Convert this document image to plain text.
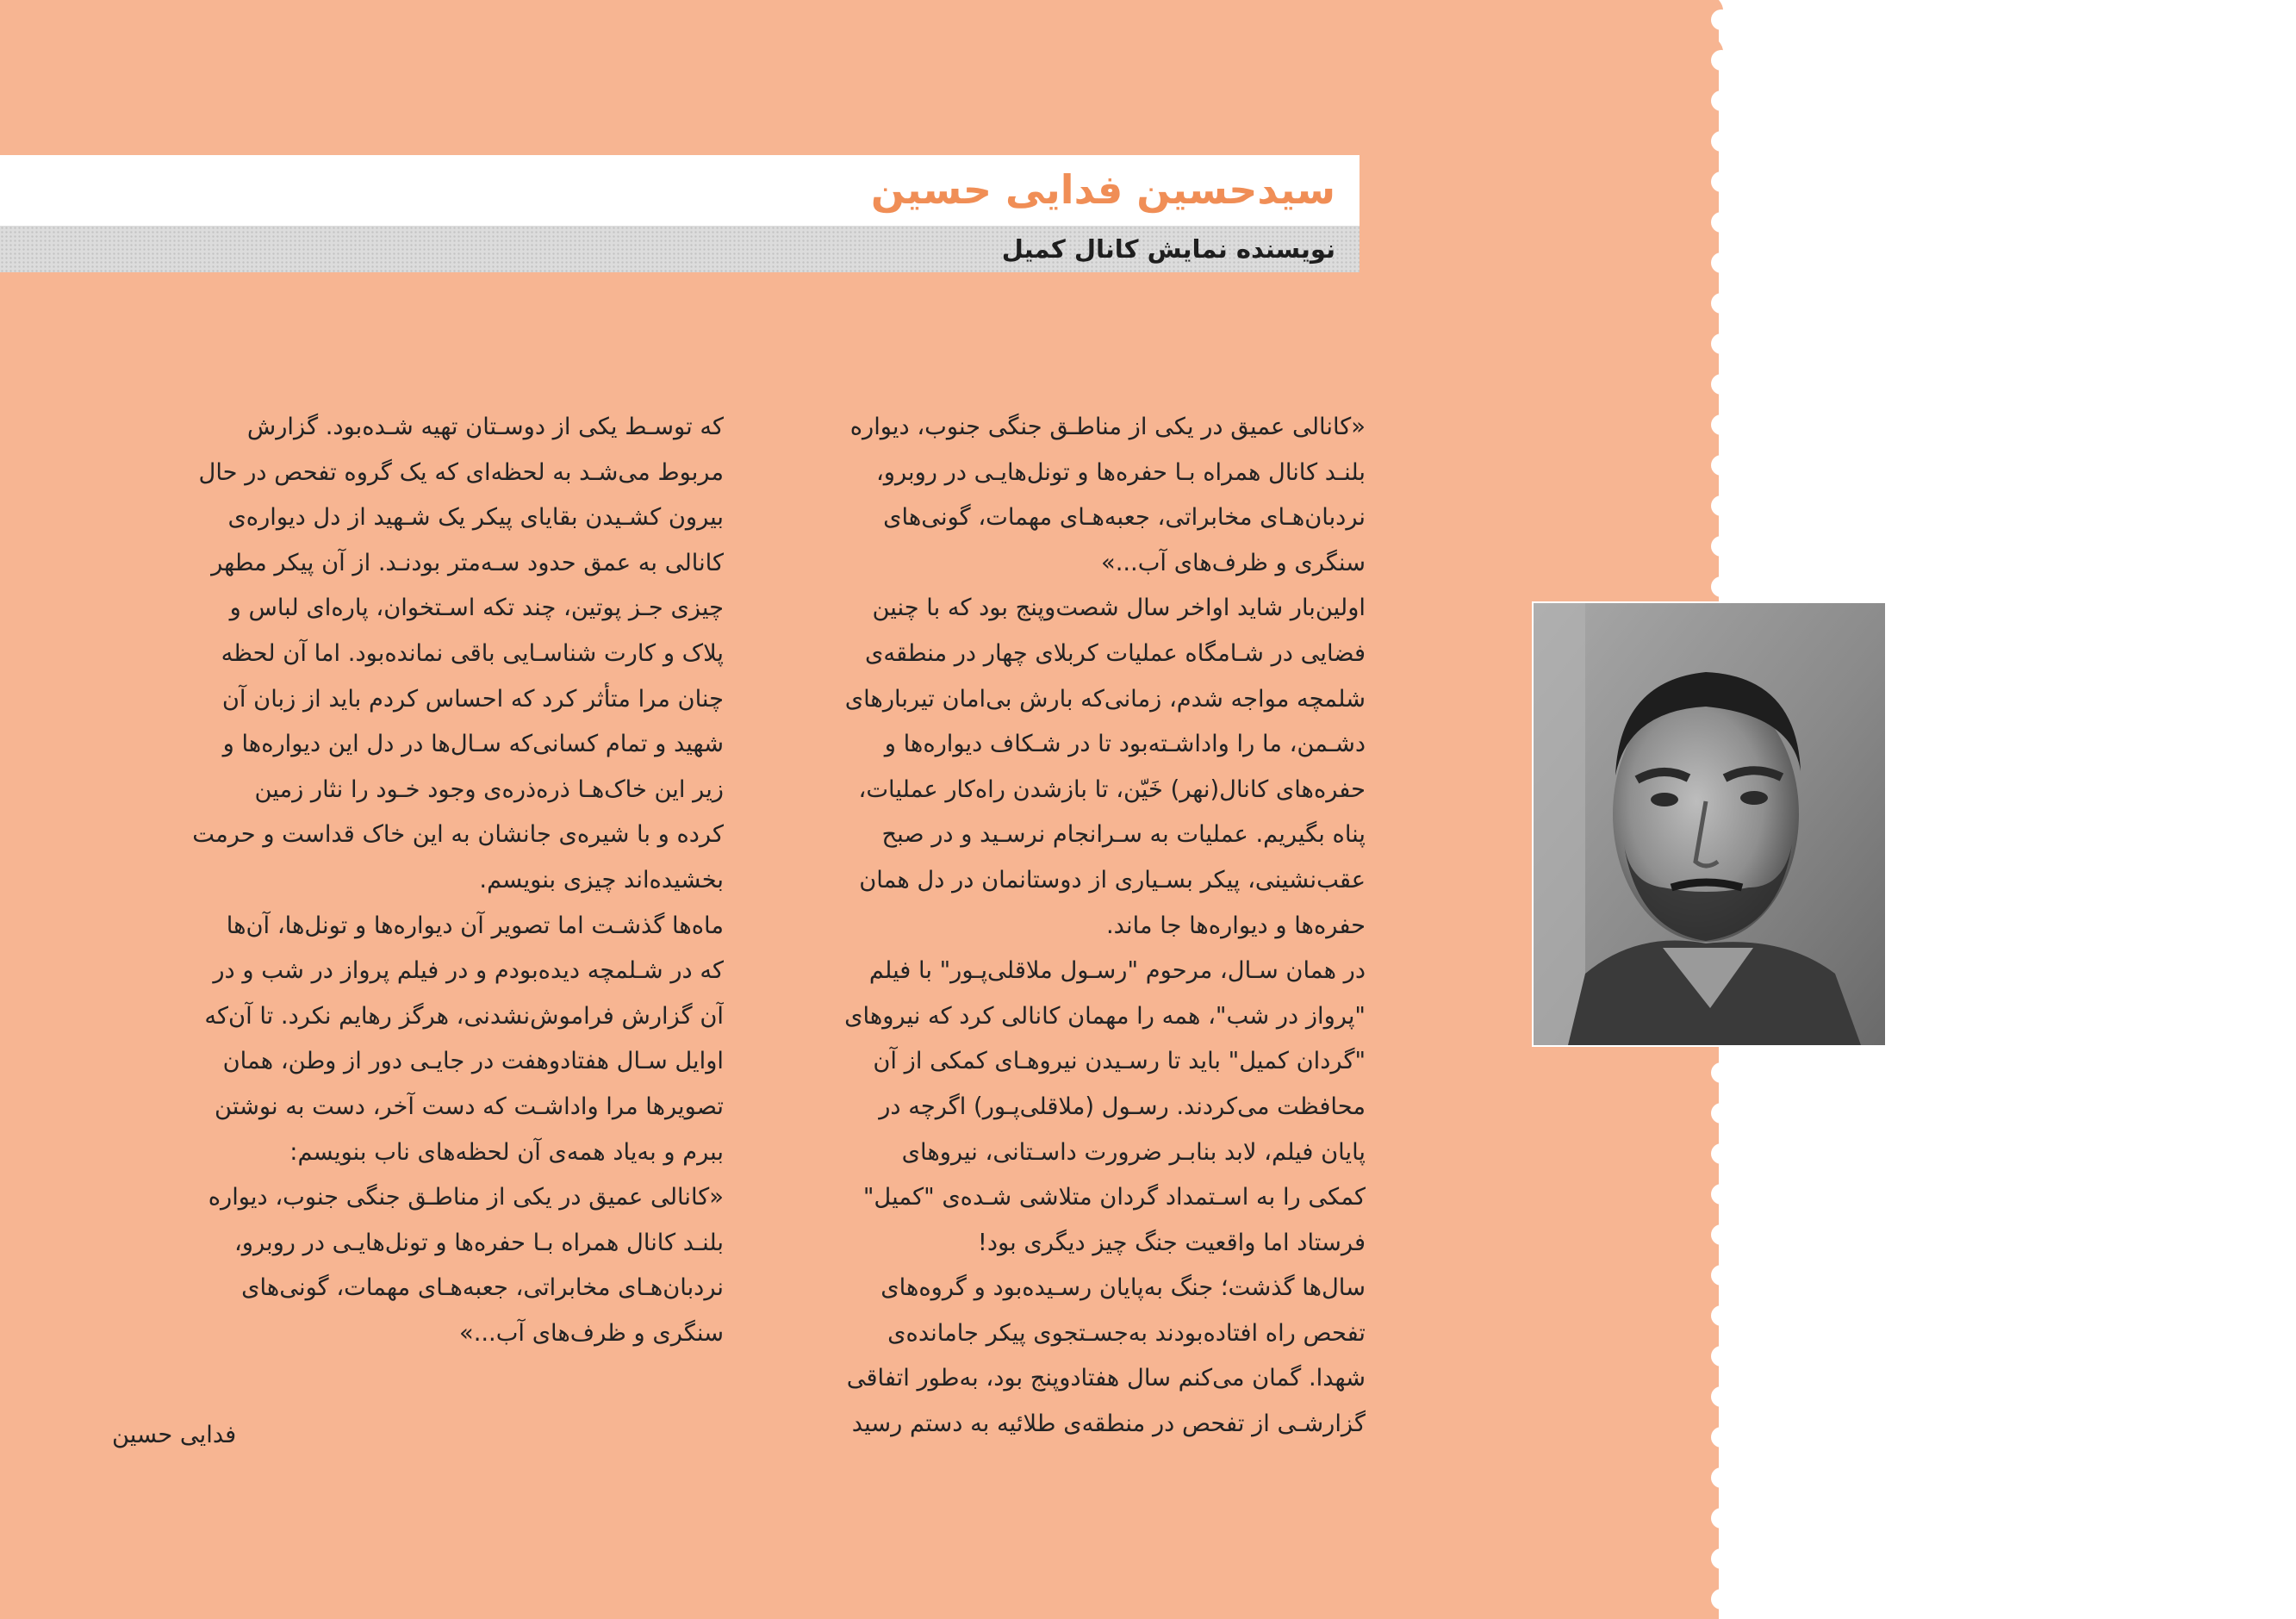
سیدحسین فدایی حسین
نویسنده نمایش کانال کمیل
«کانالی عمیق در یکی از مناطـق جنگی جنوب، دیواره
بلنـد کانال همراه بـا حفره‌ها و تونل‌هایـی در روبرو،
نردبان‌هـای مخابراتی، جعبه‌هـای مهمات، گونی‌های
سنگری و ظرف‌های آب...»
اولین‌بار شاید اواخر سال شصت‌وپنج بود که با چنین
فضایی در شـامگاه عملیات کربلای چهار در منطقه‌ی
شلمچه مواجه شدم، زمانی‌که بارش بی‌امان تیربارهای
دشـمن، ما را واداشـته‌بود تا در شـکاف دیواره‌ها و
حفره‌های کانال(نهر) خَیّن، تا بازشدن راه‌کار عملیات،
پناه بگیریم. عملیات به سـرانجام نرسـید و در صبح
عقب‌نشینی، پیکر بسـیاری از دوستانمان در دل همان
حفره‌ها و دیواره‌ها جا ماند.
در همان سـال، مرحوم "رسـول ملاقلی‌پـور" با فیلم
"پرواز در شب"، همه را مهمان کانالی کرد که نیروهای
"گردان کمیل" باید تا رسـیدن نیروهـای کمکی از آن
محافظت می‌کردند. رسـول (ملاقلی‌پـور) اگرچه در
پایان فیلم، لابد بنابـر ضرورت داسـتانی، نیروهای
کمکی را به اسـتمداد گردان متلاشی شـده‌ی "کمیل"
فرستاد اما واقعیت جنگ چیز دیگری بود!
سال‌ها گذشت؛ جنگ به‌پایان رسـیده‌بود و گروه‌های
تفحص راه افتاده‌بودند به‌جسـتجوی پیکر جامانده‌ی
شهدا. گمان می‌کنم سال هفتادوپنج بود، به‌طور اتفاقی
گزارشـی از تفحص در منطقه‌ی طلائیه به دستم رسید
که توسـط یکی از دوسـتان تهیه شـده‌بود. گزارش
مربوط می‌شـد به لحظه‌ای که یک گروه تفحص در حال
بیرون کشـیدن بقایای پیکر یک شـهید از دل دیواره‌ی
کانالی به عمق حدود سـه‌متر بودنـد. از آن پیکر مطهر
چیزی جـز پوتین، چند تکه اسـتخوان، پاره‌ای لباس و
پلاک و کارت شناسـایی باقی نمانده‌بود. اما آن لحظه
چنان مرا متأثر کرد که احساس کردم باید از زبان آن
شهید و تمام کسانی‌که سـال‌ها در دل این دیواره‌ها و
زیر این خاک‌هـا ذره‌ذره‌ی وجود خـود را نثار زمین
کرده و با شیره‌ی جانشان به این خاک قداست و حرمت
بخشیده‌اند چیزی بنویسم.
ماه‌ها گذشـت اما تصویر آن دیواره‌ها و تونل‌ها، آن‌ها
که در شـلمچه دیده‌بودم و در فیلم پرواز در شب و در
آن گزارش فراموش‌نشدنی، هرگز رهایم نکرد. تا آن‌که
اوایل سـال هفتادوهفت در جایـی دور از وطن، همان
تصویرها مرا واداشـت که دست آخر، دست به نوشتن
ببرم و به‌یاد همه‌ی آن لحظه‌های ناب بنویسم:
«کانالی عمیق در یکی از مناطـق جنگی جنوب، دیواره
بلنـد کانال همراه بـا حفره‌ها و تونل‌هایـی در روبرو،
نردبان‌هـای مخابراتی، جعبه‌هـای مهمات، گونی‌های
سنگری و ظرف‌های آب...»
فدایی حسین
